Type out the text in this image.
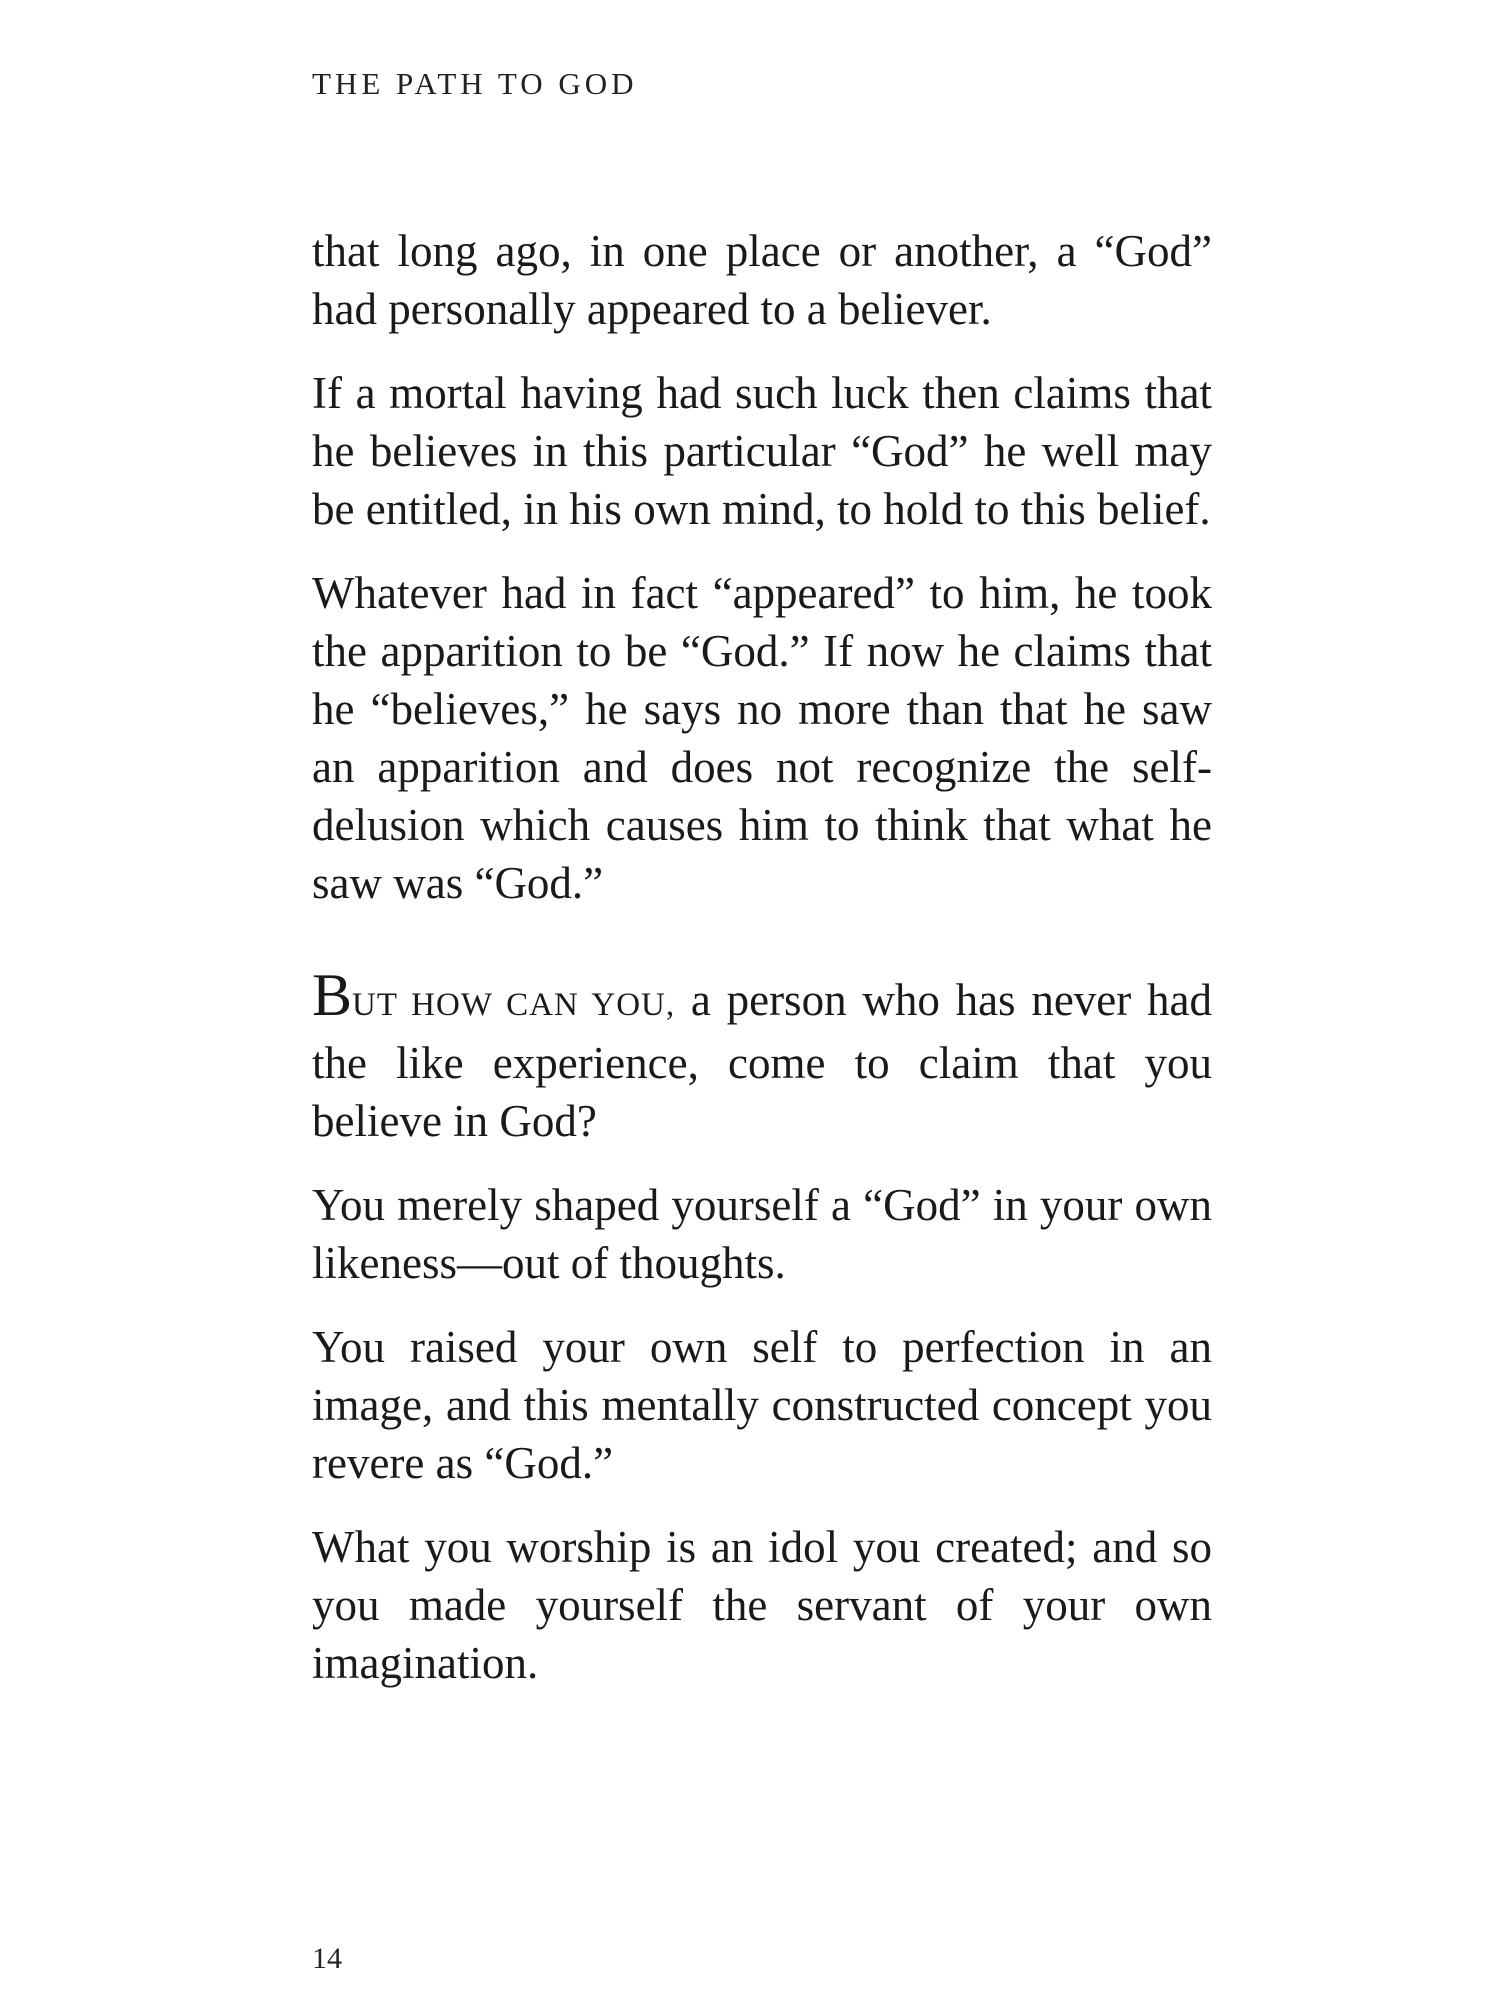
THE PATH TO GOD

that long ago, in one place or another, a “God” had personally appeared to a believer.

If a mortal having had such luck then claims that he believes in this particular “God” he well may be entitled, in his own mind, to hold to this belief.

Whatever had in fact “appeared” to him, he took the apparition to be “God.” If now he claims that he “believes,” he says no more than that he saw an apparition and does not recognize the self-delusion which causes him to think that what he saw was “God.”

BUT HOW CAN YOU, a person who has never had the like experience, come to claim that you believe in God?

You merely shaped yourself a “God” in your own likeness—out of thoughts.

You raised your own self to perfection in an image, and this mentally constructed concept you revere as “God.”

What you worship is an idol you created; and so you made yourself the servant of your own imagination.

14
